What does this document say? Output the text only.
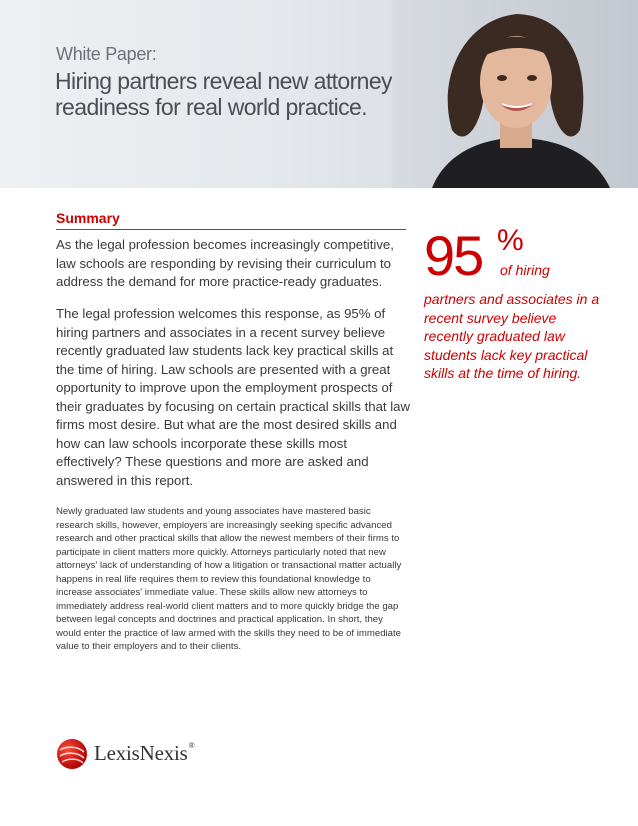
White Paper:
Hiring partners reveal new attorney readiness for real world practice.
Summary

As the legal profession becomes increasingly competitive, law schools are responding by revising their curriculum to address the demand for more practice-ready graduates.

The legal profession welcomes this response, as 95% of hiring partners and associates in a recent survey believe recently graduated law students lack key practical skills at the time of hiring. Law schools are presented with a great opportunity to improve upon the employment prospects of their graduates by focusing on certain practical skills that law firms most desire. But what are the most desired skills and how can law schools incorporate these skills most effectively? These questions and more are asked and answered in this report.

Newly graduated law students and young associates have mastered basic research skills, however, employers are increasingly seeking specific advanced research and other practical skills that allow the newest members of their firms to participate in client matters more quickly. Attorneys particularly noted that new attorneys' lack of understanding of how a litigation or transactional matter actually happens in real life requires them to review this foundational knowledge to increase associates' immediate value. These skills allow new attorneys to immediately address real-world client matters and to more quickly bridge the gap between legal concepts and doctrines and practical application. In short, they would enter the practice of law armed with the skills they need to be of immediate value to their employers and to their clients.

95 %
of hiring

partners and associates in a recent survey believe recently graduated law students lack key practical skills at the time of hiring.

LexisNexis®
